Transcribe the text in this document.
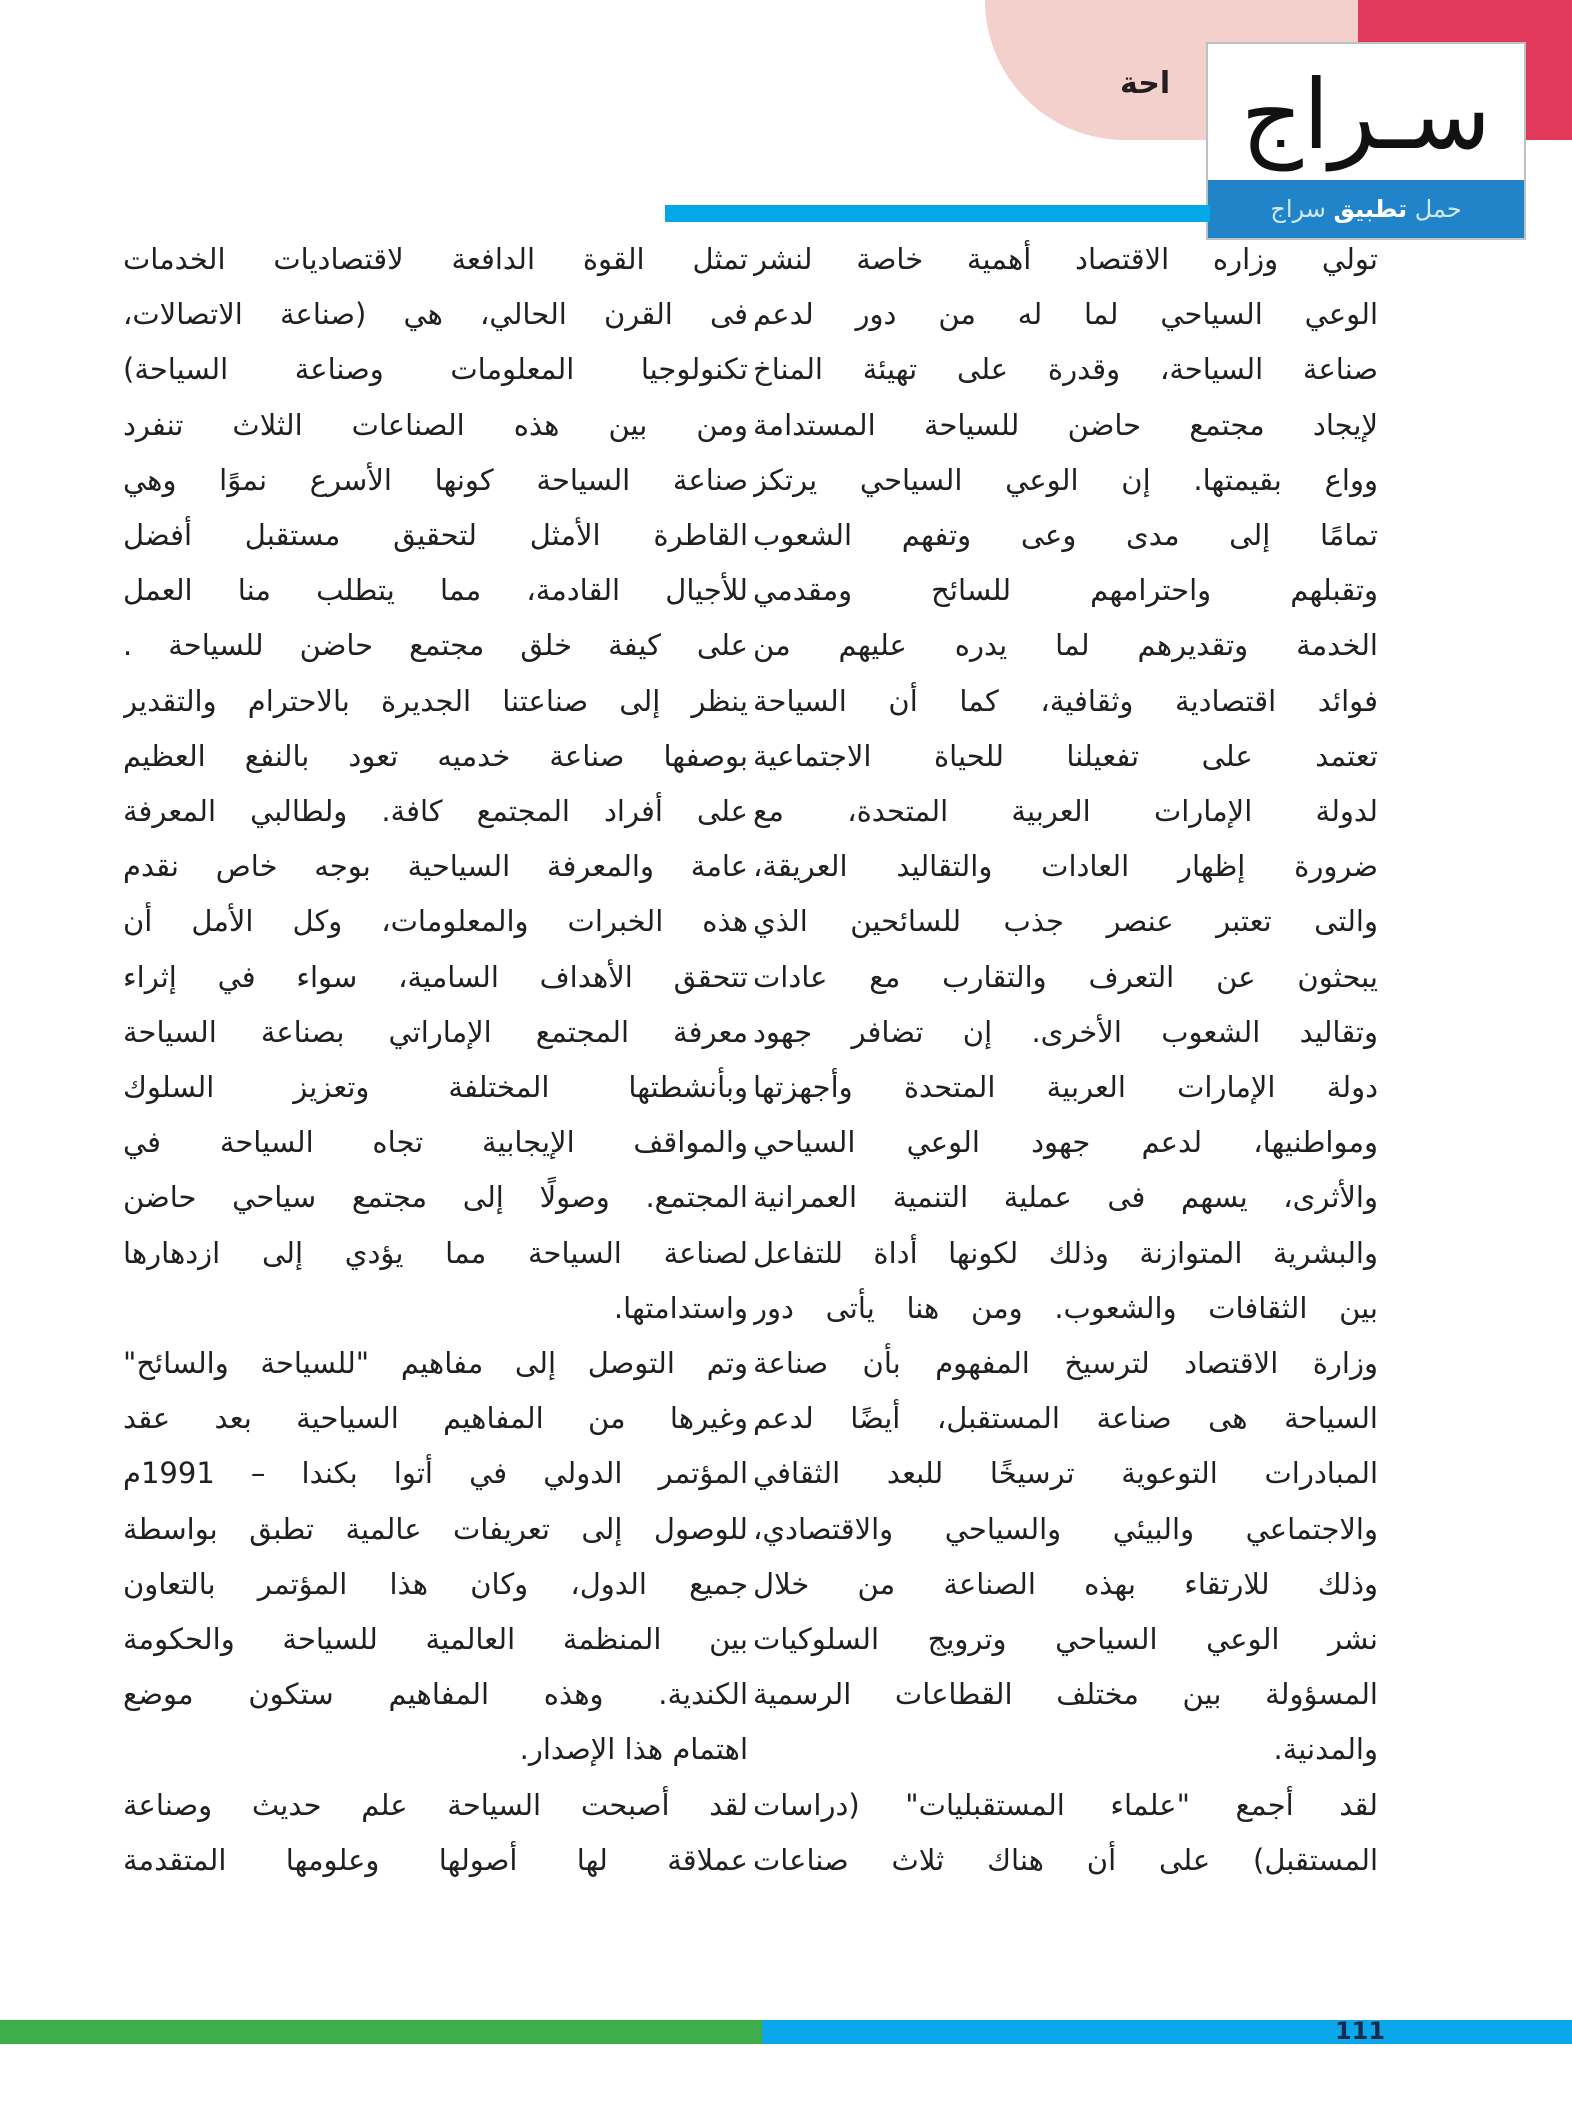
احة سـراج
حمل تطبيق سراج
تولي وزاره الاقتصاد أهمية خاصة لنشر
الوعي السياحي لما له من دور لدعم
صناعة السياحة، وقدرة على تهيئة المناخ
لإيجاد مجتمع حاضن للسياحة المستدامة
وواع بقيمتها. إن الوعي السياحي يرتكز
تمامًا إلى مدى وعى وتفهم الشعوب
وتقبلهم واحترامهم للسائح ومقدمي
الخدمة وتقديرهم لما يدره عليهم من
فوائد اقتصادية وثقافية، كما أن السياحة
تعتمد على تفعيلنا للحياة الاجتماعية
لدولة الإمارات العربية المتحدة، مع
ضرورة إظهار العادات والتقاليد العريقة،
والتى تعتبر عنصر جذب للسائحين الذي
يبحثون عن التعرف والتقارب مع عادات
وتقاليد الشعوب الأخرى. إن تضافر جهود
دولة الإمارات العربية المتحدة وأجهزتها
ومواطنيها، لدعم جهود الوعي السياحي
والأثرى، يسهم فى عملية التنمية العمرانية
والبشرية المتوازنة وذلك لكونها أداة للتفاعل
بين الثقافات والشعوب. ومن هنا يأتى دور
وزارة الاقتصاد لترسيخ المفهوم بأن صناعة
السياحة هى صناعة المستقبل، أيضًا لدعم
المبادرات التوعوية ترسيخًا للبعد الثقافي
والاجتماعي والبيئي والسياحي والاقتصادي،
وذلك للارتقاء بهذه الصناعة من خلال
نشر الوعي السياحي وترويج السلوكيات
المسؤولة بين مختلف القطاعات الرسمية
والمدنية.
لقد أجمع "علماء المستقبليات" (دراسات
المستقبل) على أن هناك ثلاث صناعات
تمثل القوة الدافعة لاقتصاديات الخدمات
فى القرن الحالي، هي (صناعة الاتصالات،
تكنولوجيا المعلومات وصناعة السياحة)
ومن بين هذه الصناعات الثلاث تنفرد
صناعة السياحة كونها الأسرع نموًا وهي
القاطرة الأمثل لتحقيق مستقبل أفضل
للأجيال القادمة، مما يتطلب منا العمل
على كيفة خلق مجتمع حاضن للسياحة .
ينظر إلى صناعتنا الجديرة بالاحترام والتقدير
بوصفها صناعة خدميه تعود بالنفع العظيم
على أفراد المجتمع كافة. ولطالبي المعرفة
عامة والمعرفة السياحية بوجه خاص نقدم
هذه الخبرات والمعلومات، وكل الأمل أن
تتحقق الأهداف السامية، سواء في إثراء
معرفة المجتمع الإماراتي بصناعة السياحة
وبأنشطتها المختلفة وتعزيز السلوك
والمواقف الإيجابية تجاه السياحة في
المجتمع. وصولًا إلى مجتمع سياحي حاضن
لصناعة السياحة مما يؤدي إلى ازدهارها
واستدامتها.
وتم التوصل إلى مفاهيم "للسياحة والسائح"
وغيرها من المفاهيم السياحية بعد عقد
المؤتمر الدولي في أتوا بكندا – 1991م
للوصول إلى تعريفات عالمية تطبق بواسطة
جميع الدول، وكان هذا المؤتمر بالتعاون
بين المنظمة العالمية للسياحة والحكومة
الكندية. وهذه المفاهيم ستكون موضع
اهتمام هذا الإصدار.
لقد أصبحت السياحة علم حديث وصناعة
عملاقة لها أصولها وعلومها المتقدمة
111
